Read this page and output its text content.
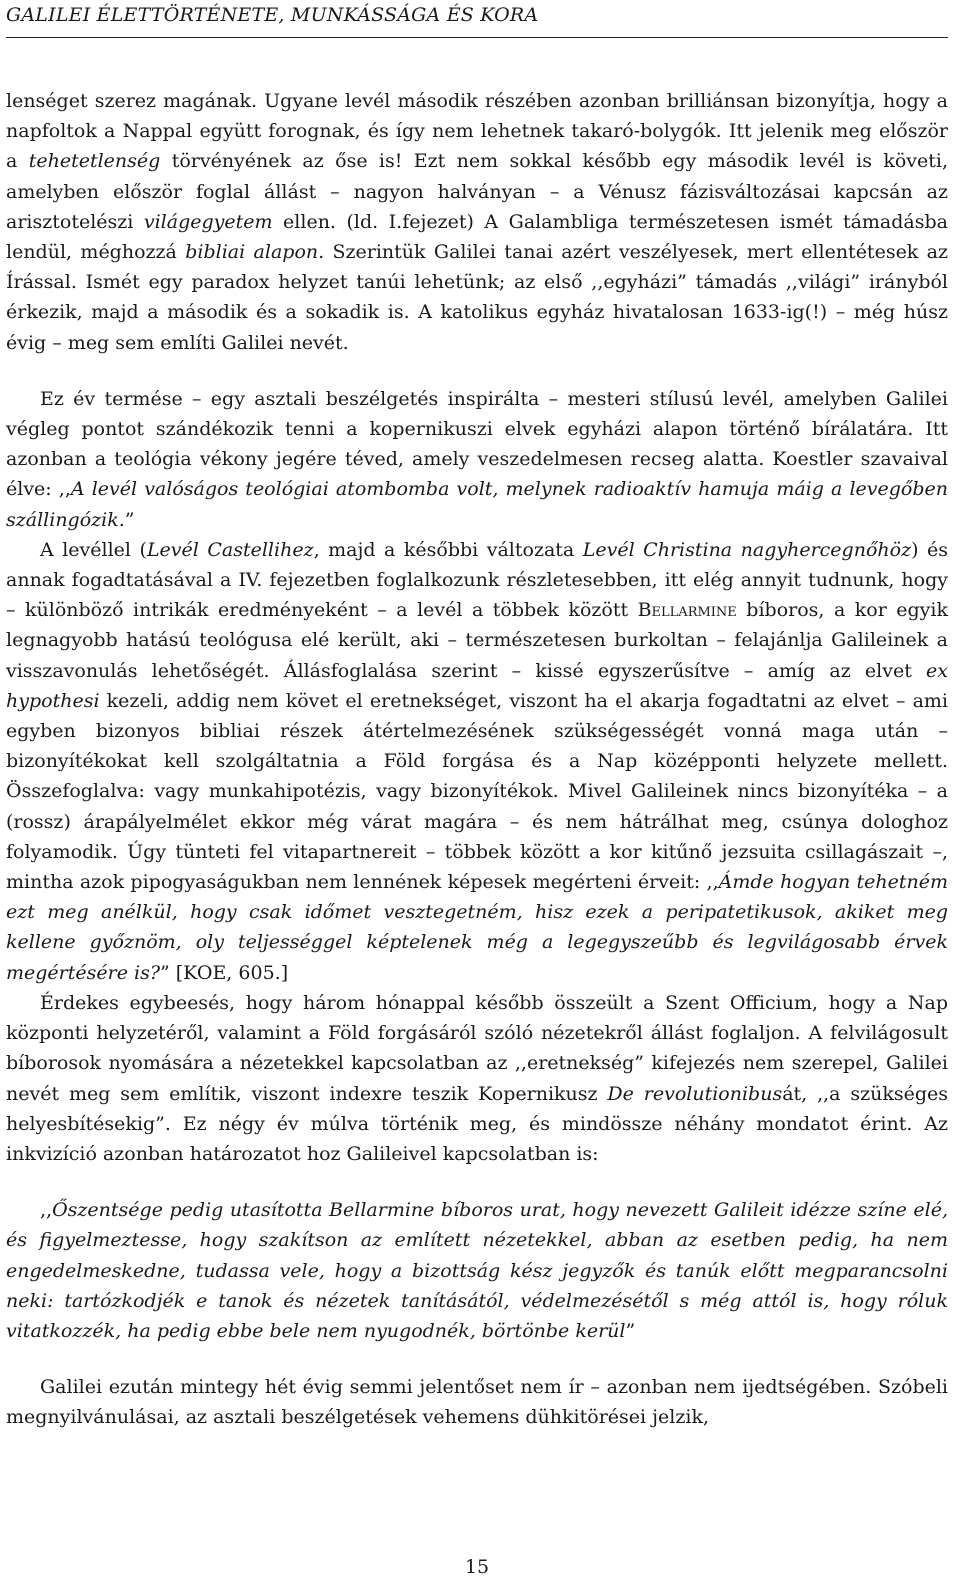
GALILEI ÉLETTÖRTÉNETE, MUNKÁSSÁGA ÉS KORA

lenséget szerez magának. Ugyane levél második részében azonban brilliánsan bizonyítja, hogy a napfoltok a Nappal együtt forognak, és így nem lehetnek takaró-bolygók. Itt jelenik meg először a tehetetlenség törvényének az őse is! Ezt nem sokkal később egy második levél is követi, amelyben először foglal állást – nagyon halványan – a Vénusz fázisváltozásai kapcsán az arisztotelészi világegyetem ellen. (ld. I.fejezet) A Galambliga természetesen ismét támadásba lendül, méghozzá bibliai alapon. Szerintük Galilei tanai azért veszélyesek, mert ellentétesek az Írással. Ismét egy paradox helyzet tanúi lehetünk; az első ,,egyházi” támadás ,,világi” irányból érkezik, majd a második és a sokadik is. A katolikus egyház hivatalosan 1633-ig(!) – még húsz évig – meg sem említi Galilei nevét.

Ez év termése – egy asztali beszélgetés inspirálta – mesteri stílusú levél, amelyben Galilei végleg pontot szándékozik tenni a kopernikuszi elvek egyházi alapon történő bírálatára. Itt azonban a teológia vékony jegére téved, amely veszedelmesen recseg alatta. Koestler szavaival élve: ,,A levél valóságos teológiai atombomba volt, melynek radioaktív hamuja máig a levegőben szállingózik.”

A levéllel (Levél Castellihez, majd a későbbi változata Levél Christina nagyhercegnőhöz) és annak fogadtatásával a IV. fejezetben foglalkozunk részletesebben, itt elég annyit tudnunk, hogy – különböző intrikák eredményeként – a levél a többek között Bellarmine bíboros, a kor egyik legnagyobb hatású teológusa elé került, aki – természetesen burkoltan – felajánlja Galileinek a visszavonulás lehetőségét. Állásfoglalása szerint – kissé egyszerűsítve – amíg az elvet ex hypothesi kezeli, addig nem követ el eretnekséget, viszont ha el akarja fogadtatni az elvet – ami egyben bizonyos bibliai részek átértelmezésének szükségességét vonná maga után – bizonyítékokat kell szolgáltatnia a Föld forgása és a Nap középponti helyzete mellett. Összefoglalva: vagy munkahipotézis, vagy bizonyítékok. Mivel Galileinek nincs bizonyítéka – a (rossz) árapályelmélet ekkor még várat magára – és nem hátrálhat meg, csúnya dologhoz folyamodik. Úgy tünteti fel vitapartnereit – többek között a kor kitűnő jezsuita csillagászait –, mintha azok pipogyaságukban nem lennének képesek megérteni érveit: ,,Ámde hogyan tehetném ezt meg anélkül, hogy csak időmet vesztegetném, hisz ezek a peripatetikusok, akiket meg kellene győznöm, oly teljességgel képtelenek még a legegyszeűbb és legvilágosabb érvek megértésére is?” [KOE, 605.]

Érdekes egybeesés, hogy három hónappal később összeült a Szent Officium, hogy a Nap központi helyzetéről, valamint a Föld forgásáról szóló nézetekről állást foglaljon. A felvilágosult bíborosok nyomására a nézetekkel kapcsolatban az ,,eretnekség” kifejezés nem szerepel, Galilei nevét meg sem említik, viszont indexre teszik Kopernikusz De revolutionibusát, ,,a szükséges helyesbítésekig”. Ez négy év múlva történik meg, és mindössze néhány mondatot érint. Az inkvizíció azonban határozatot hoz Galileivel kapcsolatban is:

,,Őszentsége pedig utasította Bellarmine bíboros urat, hogy nevezett Galileit idézze színe elé, és figyelmeztesse, hogy szakítson az említett nézetekkel, abban az esetben pedig, ha nem engedelmeskedne, tudassa vele, hogy a bizottság kész jegyzők és tanúk előtt megparancsolni neki: tartózkodjék e tanok és nézetek tanításától, védelmezésétől s még attól is, hogy róluk vitatkozzék, ha pedig ebbe bele nem nyugodnék, börtönbe kerül”

Galilei ezután mintegy hét évig semmi jelentőset nem ír – azonban nem ijedtségében. Szóbeli megnyilvánulásai, az asztali beszélgetések vehemens dühkitörései jelzik,

15
